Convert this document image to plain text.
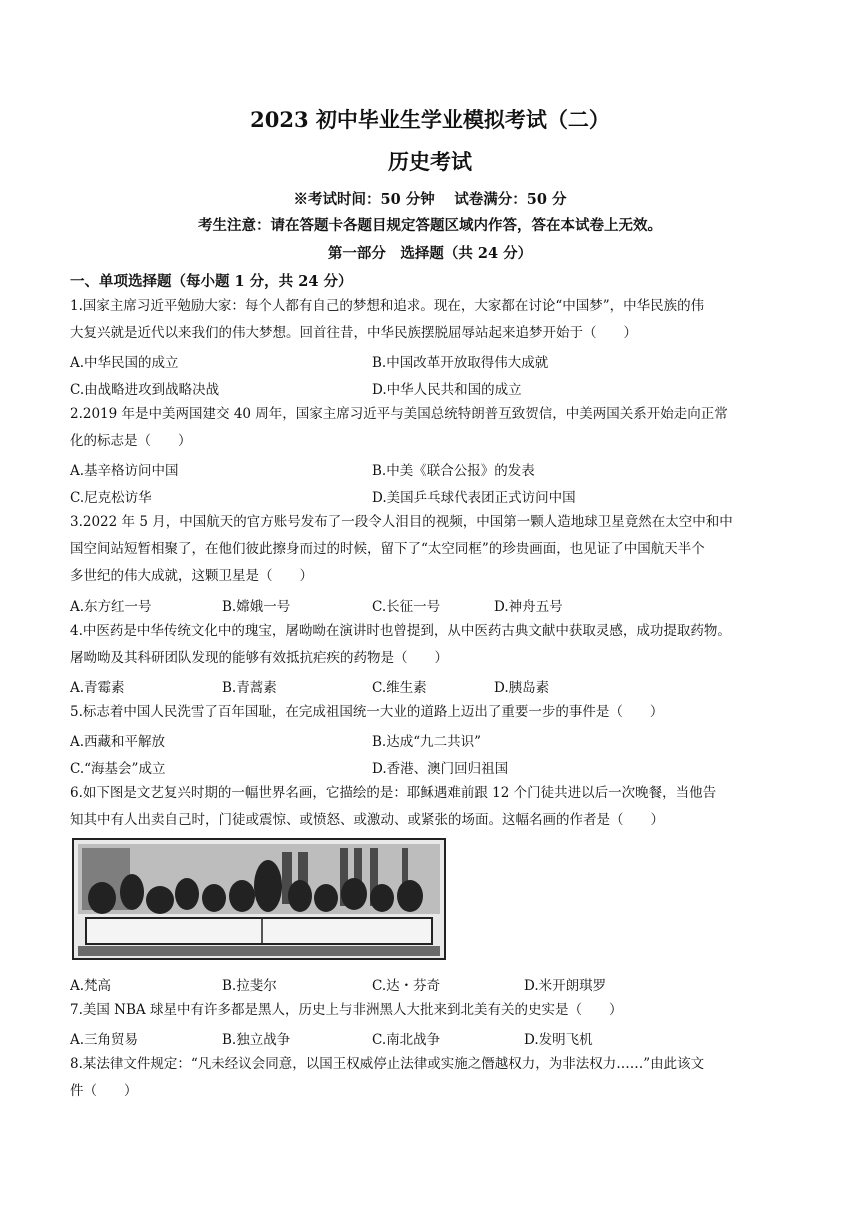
2023 初中毕业生学业模拟考试（二）
历史考试
※考试时间：50 分钟　 试卷满分：50 分
考生注意：请在答题卡各题目规定答题区域内作答，答在本试卷上无效。
第一部分　选择题（共 24 分）
一、单项选择题（每小题 1 分，共 24 分）
1.国家主席习近平勉励大家：每个人都有自己的梦想和追求。现在，大家都在讨论“中国梦”，中华民族的伟
大复兴就是近代以来我们的伟大梦想。回首往昔，中华民族摆脱屈辱站起来追梦开始于（　　）
A.中华民国的成立	B.中国改革开放取得伟大成就
C.由战略进攻到战略决战	D.中华人民共和国的成立
2.2019 年是中美两国建交 40 周年，国家主席习近平与美国总统特朗普互致贺信，中美两国关系开始走向正常
化的标志是（　　）
A.基辛格访问中国	B.中美《联合公报》的发表
C.尼克松访华	D.美国乒乓球代表团正式访问中国
3.2022 年 5 月，中国航天的官方账号发布了一段令人泪目的视频，中国第一颗人造地球卫星竟然在太空中和中
国空间站短暂相聚了，在他们彼此擦身而过的时候，留下了“太空同框”的珍贵画面，也见证了中国航天半个
多世纪的伟大成就，这颗卫星是（　　）
A.东方红一号	B.嫦娥一号	C.长征一号	D.神舟五号
4.中医药是中华传统文化中的瑰宝，屠呦呦在演讲时也曾提到，从中医药古典文献中获取灵感，成功提取药物。
屠呦呦及其科研团队发现的能够有效抵抗疟疾的药物是（　　）
A.青霉素	B.青蒿素	C.维生素	D.胰岛素
5.标志着中国人民洗雪了百年国耻，在完成祖国统一大业的道路上迈出了重要一步的事件是（　　）
A.西藏和平解放	B.达成“九二共识”
C.“海基会”成立	D.香港、澳门回归祖国
6.如下图是文艺复兴时期的一幅世界名画，它描绘的是：耶稣遇难前跟 12 个门徒共进以后一次晚餐，当他告
知其中有人出卖自己时，门徒或震惊、或愤怒、或激动、或紧张的场面。这幅名画的作者是（　　）
A.梵高	B.拉斐尔	C.达・芬奇	D.米开朗琪罗
7.美国 NBA 球星中有许多都是黑人，历史上与非洲黑人大批来到北美有关的史实是（　　）
A.三角贸易	B.独立战争	C.南北战争	D.发明飞机
8.某法律文件规定：“凡未经议会同意，以国王权威停止法律或实施之僭越权力，为非法权力……”由此该文
件（　　）
